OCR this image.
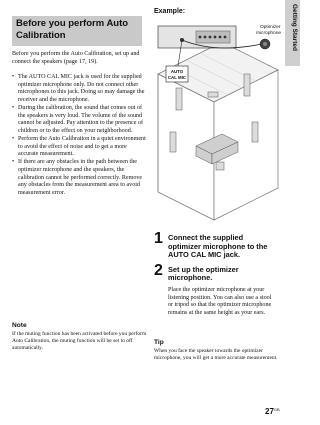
Before you perform Auto Calibration

Before you perform the Auto Calibration, set up and connect the speakers (page 17, 19).

• The AUTO CAL MIC jack is used for the supplied optimizer microphone only. Do not connect other microphones to this jack. Doing so may damage the receiver and the microphone.
• During the calibration, the sound that comes out of the speakers is very loud. The volume of the sound cannot be adjusted. Pay attention to the presence of children or to the effect on your neighborhood.
• Perform the Auto Calibration in a quiet environment to avoid the effect of noise and to get a more accurate measurement.
• If there are any obstacles in the path between the optimizer microphone and the speakers, the calibration cannot be performed correctly. Remove any obstacles from the measurement area to avoid measurement error.
Note

If the muting function has been activated before you perform Auto Calibration, the muting function will be set to off automatically.

Example:
AUTO
CAL MIC
Optimizer
microphone
1 Connect the supplied optimizer microphone to the AUTO CAL MIC jack.
2 Set up the optimizer microphone.

Place the optimizer microphone at your listening position. You can also use a stool or tripod so that the optimizer microphone remains at the same height as your ears.

Tip

When you face the speaker towards the optimizer microphone, you will get a more accurate measurement.

Getting Started
$27^{GB}$
